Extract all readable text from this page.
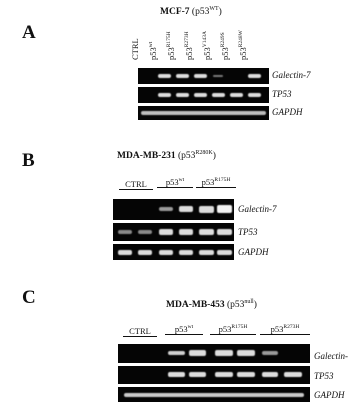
A
MCF-7 $(p53^{WT})$
CTRL $p53^{wt}$
$p53^{R175H}$
$p53^{R273H}$
$p53^{V143A}$
$p53^{R249S}$
$p53^{R248W}$
Galectin-7
TP53
GAPDH
B	MDA-MB-231 $(p53^{R280K})$
CTRL	$p53^{wt}$	$p53^{R175H}$
Galectin-7
TP53
GAPDH
C	MDA-MB-453 $(p53^{null})$
CTRL	$p53^{wt}$	$p53^{R175H}$	$p53^{R273H}$
Galectin-
TP53
GAPDH
